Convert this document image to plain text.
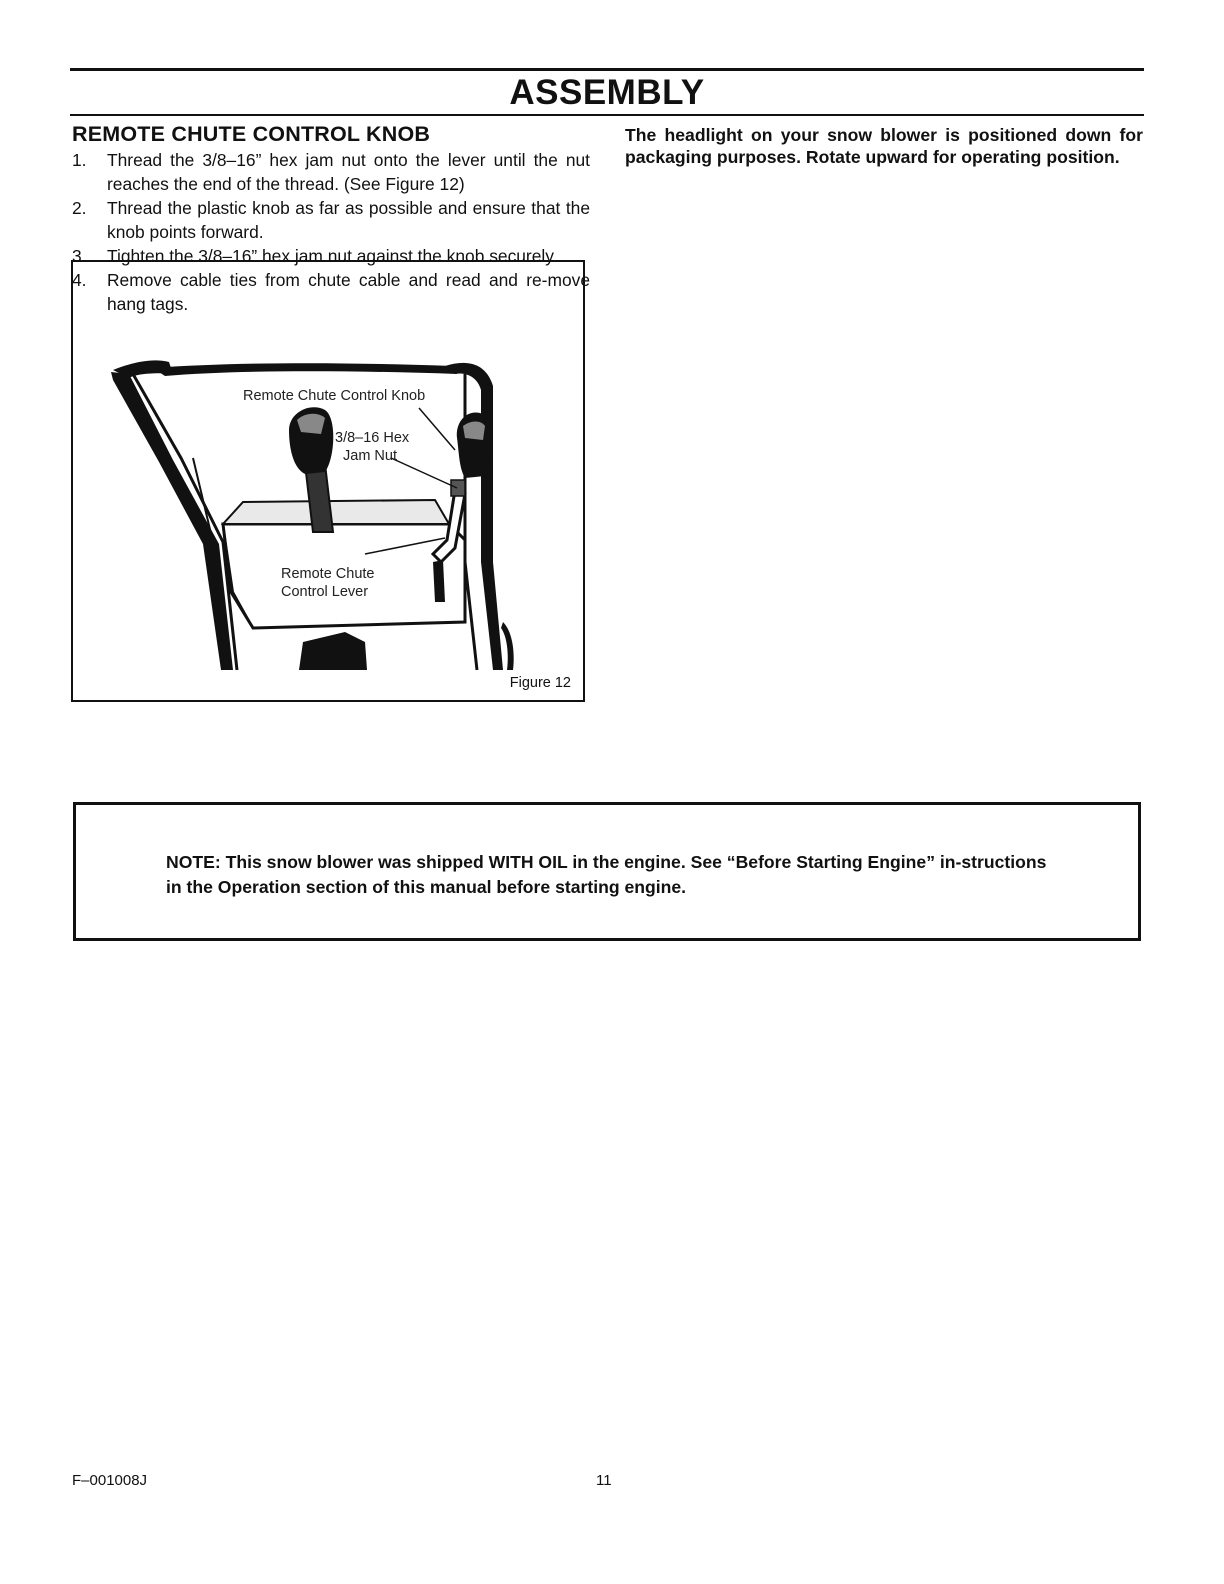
ASSEMBLY
REMOTE CHUTE CONTROL KNOB
1. Thread the 3/8–16” hex jam nut onto the lever until the nut reaches the end of the thread. (See Figure 12)
2. Thread the plastic knob as far as possible and ensure that the knob points forward.
3. Tighten the 3/8–16” hex jam nut against the knob securely.
4. Remove cable ties from chute cable and read and re-move hang tags.
Remote Chute Control Knob
3/8–16 Hex
Jam Nut
Remote Chute
Control Lever
Figure 12
The headlight on your snow blower is positioned down for packaging purposes. Rotate upward for operating position.
NOTE: This snow blower was shipped WITH OIL in the engine. See “Before Starting Engine” in-structions in the Operation section of this manual before starting engine.
F–001008J	11
